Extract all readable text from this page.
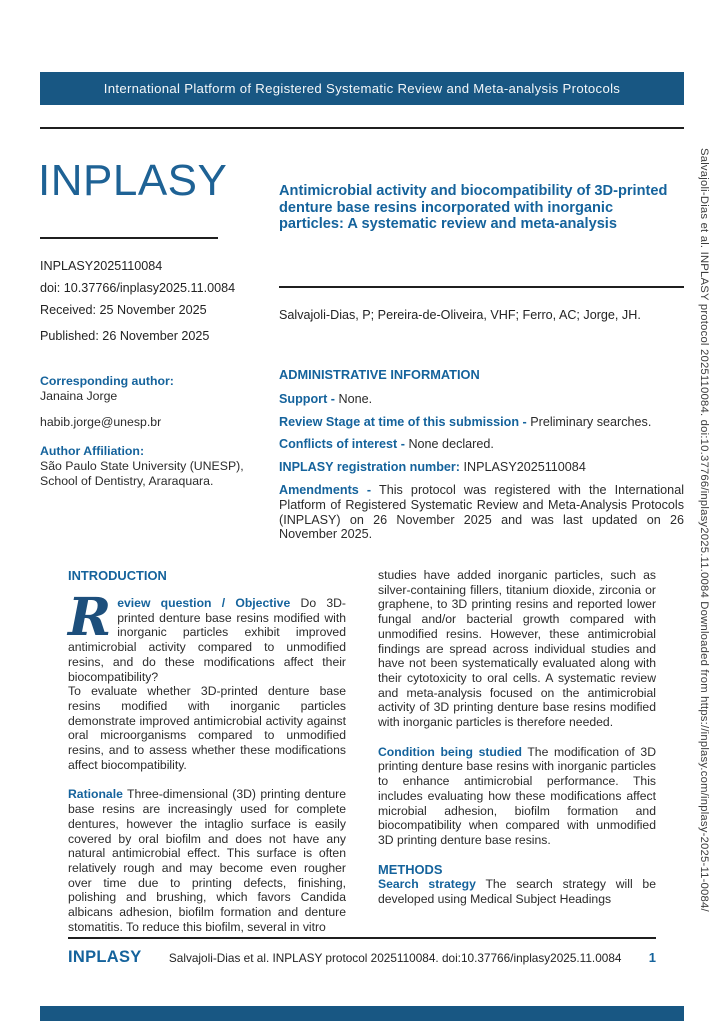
International Platform of Registered Systematic Review and Meta-analysis Protocols
INPLASY
INPLASY2025110084
doi: 10.37766/inplasy2025.11.0084
Received: 25 November 2025
Published: 26 November 2025
Antimicrobial activity and biocompatibility of 3D-printed denture base resins incorporated with inorganic particles: A systematic review and meta-analysis
Salvajoli-Dias, P; Pereira-de-Oliveira, VHF; Ferro, AC; Jorge, JH.

Corresponding author:

Janaina Jorge

habib.jorge@unesp.br

Author Affiliation:

São Paulo State University (UNESP),

School of Dentistry, Araraquara.

ADMINISTRATIVE INFORMATION

Support - None.

Review Stage at time of this submission - Preliminary searches.

Conflicts of interest - None declared.

INPLASY registration number: INPLASY2025110084

Amendments - This protocol was registered with the International Platform of Registered Systematic Review and Meta-Analysis Protocols (INPLASY) on 26 November 2025 and was last updated on 26 November 2025.

INTRODUCTION

Review question / Objective Do 3D-printed denture base resins modified with inorganic particles exhibit improved antimicrobial activity compared to unmodified resins, and do these modifications affect their biocompatibility?

To evaluate whether 3D-printed denture base resins modified with inorganic particles demonstrate improved antimicrobial activity against oral microorganisms compared to unmodified resins, and to assess whether these modifications affect biocompatibility.

Rationale Three-dimensional (3D) printing denture base resins are increasingly used for complete dentures, however the intaglio surface is easily covered by oral biofilm and does not have any natural antimicrobial effect. This surface is often relatively rough and may become even rougher over time due to printing defects, finishing, polishing and brushing, which favors Candida albicans adhesion, biofilm formation and denture stomatitis. To reduce this biofilm, several in vitro

studies have added inorganic particles, such as silver-containing fillers, titanium dioxide, zirconia or graphene, to 3D printing resins and reported lower fungal and/or bacterial growth compared with unmodified resins. However, these antimicrobial findings are spread across individual studies and have not been systematically evaluated along with their cytotoxicity to oral cells. A systematic review and meta-analysis focused on the antimicrobial activity of 3D printing denture base resins modified with inorganic particles is therefore needed.

Condition being studied The modification of 3D printing denture base resins with inorganic particles to enhance antimicrobial performance. This includes evaluating how these modifications affect microbial adhesion, biofilm formation and biocompatibility when compared with unmodified 3D printing denture base resins.

METHODS

Search strategy The search strategy will be developed using Medical Subject Headings

INPLASY	Salvajoli-Dias et al. INPLASY protocol 2025110084. doi:10.37766/inplasy2025.11.0084	1
Salvajoli-Dias et al. INPLASY protocol 2025110084. doi:10.37766/inplasy2025.11.0084 Downloaded from https://inplasy.com/inplasy-2025-11-0084/
